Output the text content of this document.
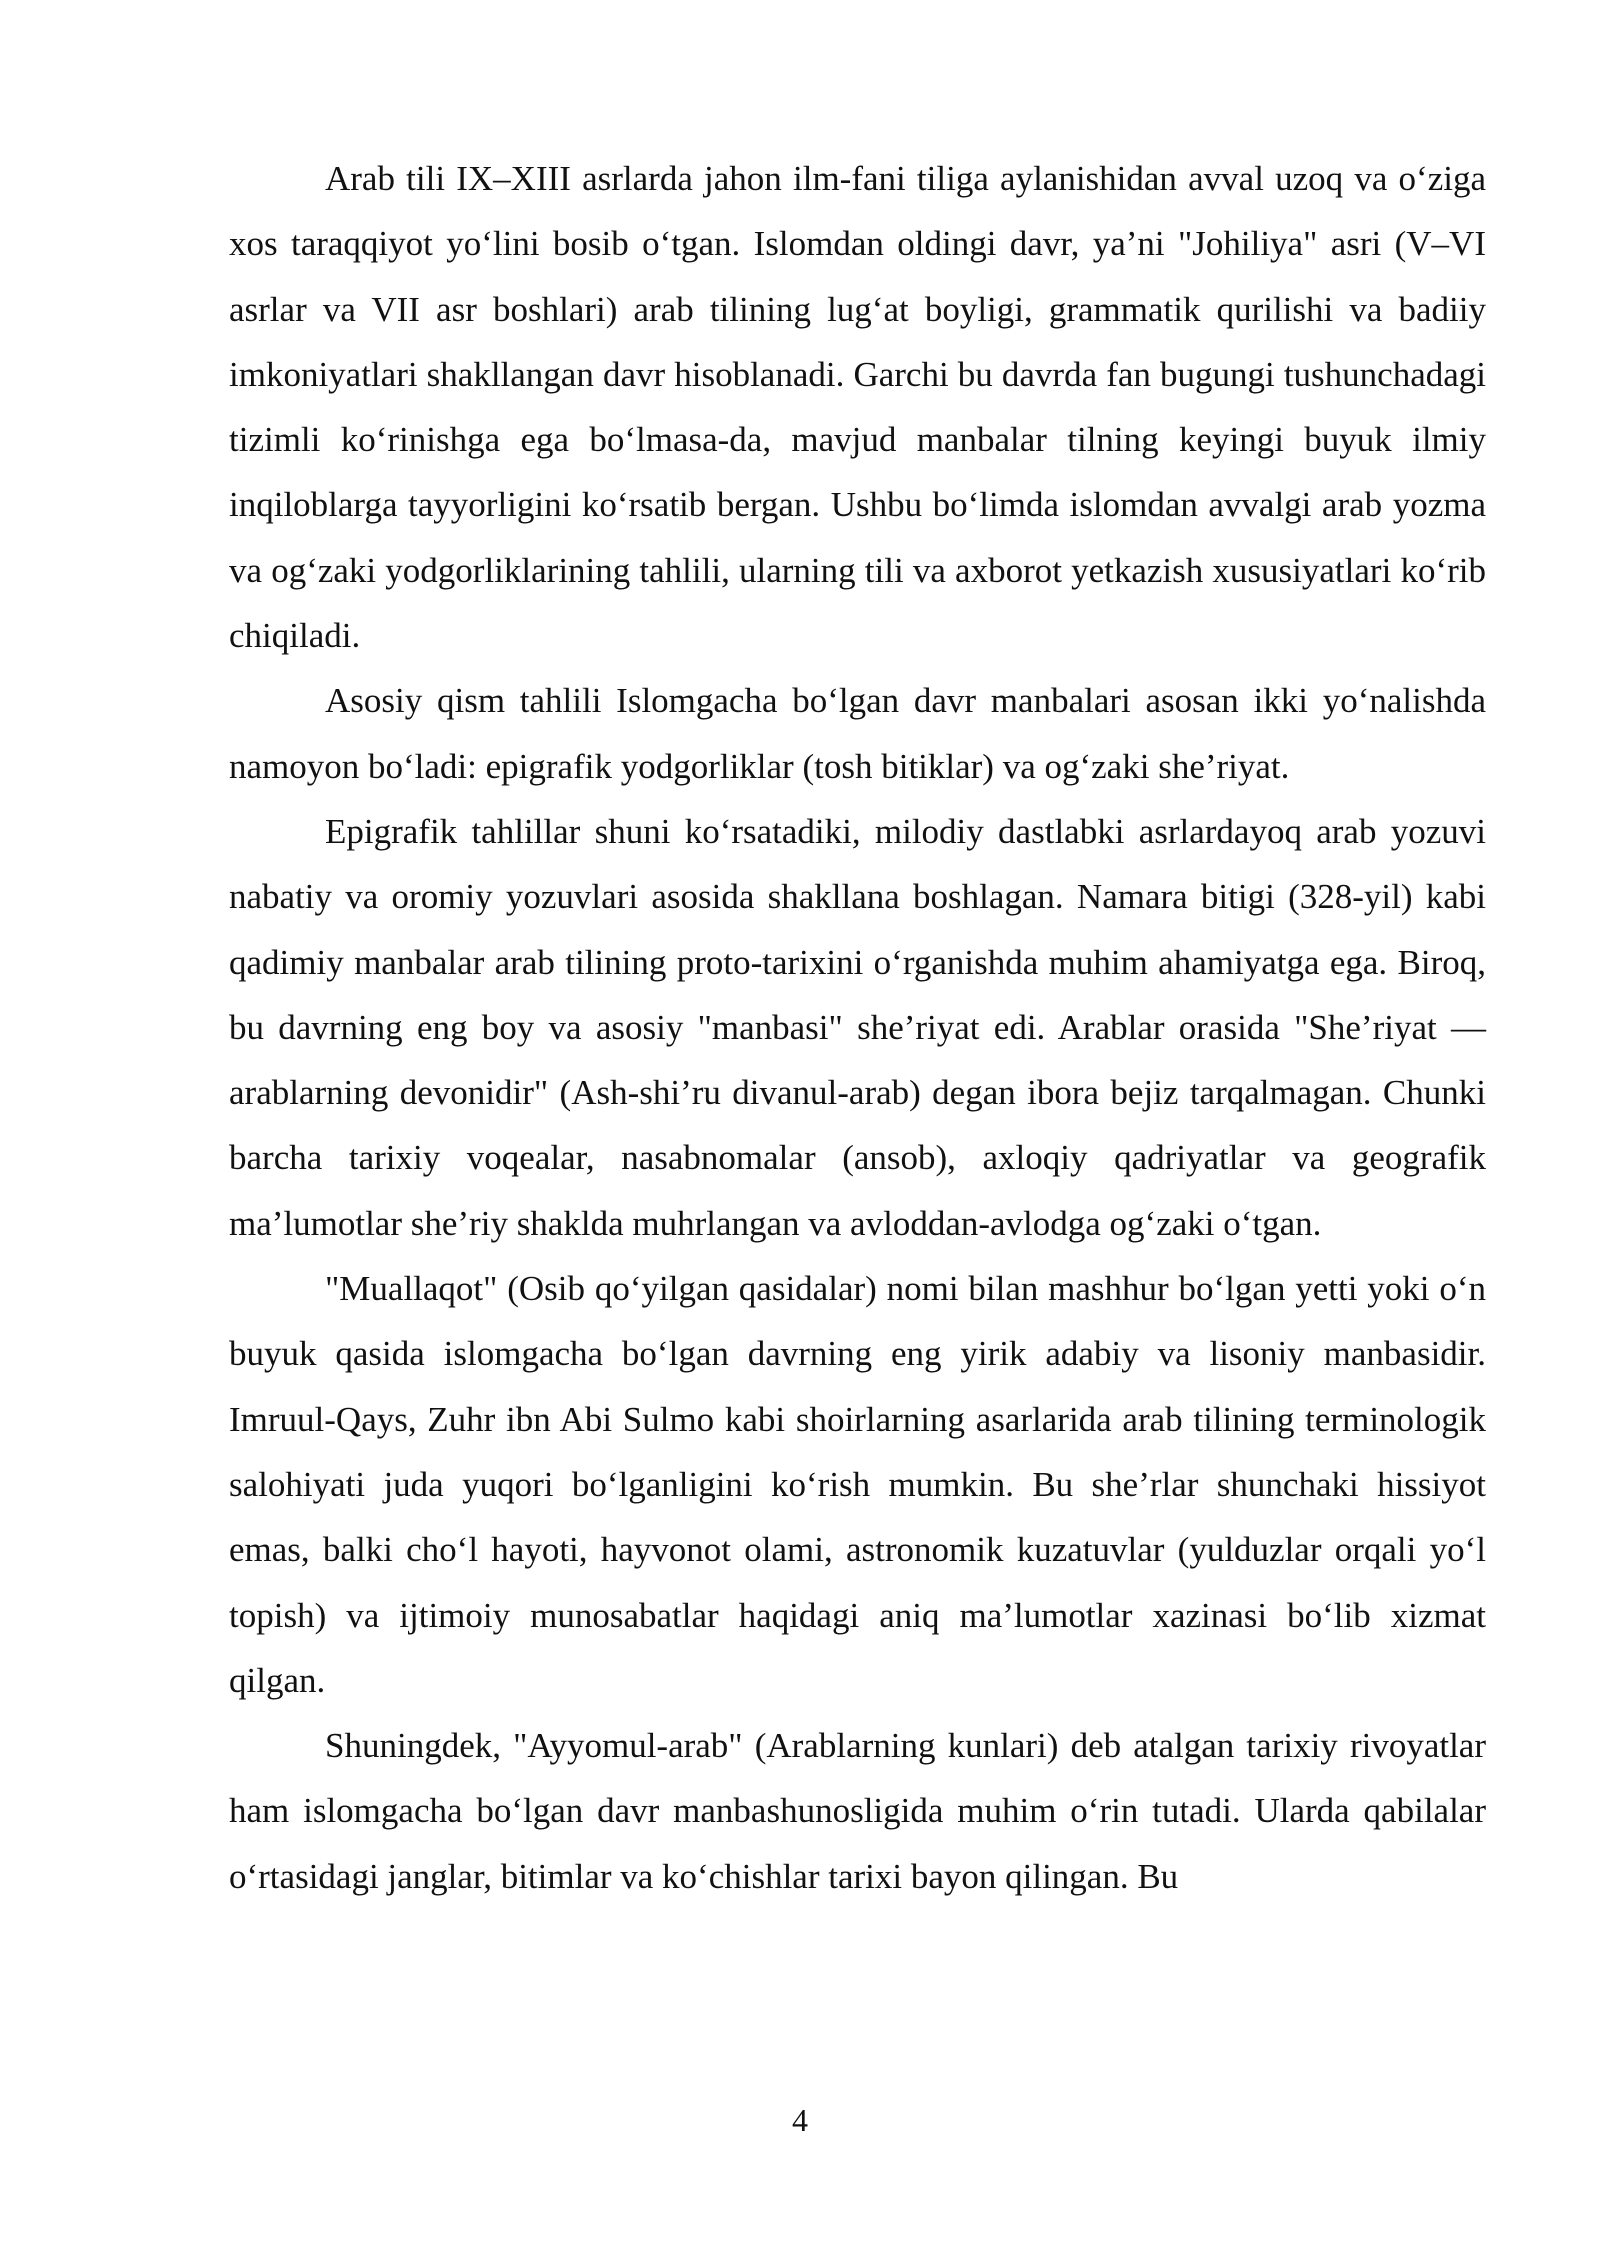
Arab tili IX–XIII asrlarda jahon ilm-fani tiliga aylanishidan avval uzoq va o‘ziga xos taraqqiyot yo‘lini bosib o‘tgan. Islomdan oldingi davr, ya’ni "Johiliya" asri (V–VI asrlar va VII asr boshlari) arab tilining lug‘at boyligi, grammatik qurilishi va badiiy imkoniyatlari shakllangan davr hisoblanadi. Garchi bu davrda fan bugungi tushunchadagi tizimli ko‘rinishga ega bo‘lmasa-da, mavjud manbalar tilning keyingi buyuk ilmiy inqiloblarga tayyorligini ko‘rsatib bergan. Ushbu bo‘limda islomdan avvalgi arab yozma va og‘zaki yodgorliklarining tahlili, ularning tili va axborot yetkazish xususiyatlari ko‘rib chiqiladi.

Asosiy qism tahlili Islomgacha bo‘lgan davr manbalari asosan ikki yo‘nalishda namoyon bo‘ladi: epigrafik yodgorliklar (tosh bitiklar) va og‘zaki she’riyat.

Epigrafik tahlillar shuni ko‘rsatadiki, milodiy dastlabki asrlardayoq arab yozuvi nabatiy va oromiy yozuvlari asosida shakllana boshlagan. Namara bitigi (328-yil) kabi qadimiy manbalar arab tilining proto-tarixini o‘rganishda muhim ahamiyatga ega. Biroq, bu davrning eng boy va asosiy "manbasi" she’riyat edi. Arablar orasida "She’riyat — arablarning devonidir" (Ash-shi’ru divanul-arab) degan ibora bejiz tarqalmagan. Chunki barcha tarixiy voqealar, nasabnomalar (ansob), axloqiy qadriyatlar va geografik ma’lumotlar she’riy shaklda muhrlangan va avloddan-avlodga og‘zaki o‘tgan.

"Muallaqot" (Osib qo‘yilgan qasidalar) nomi bilan mashhur bo‘lgan yetti yoki o‘n buyuk qasida islomgacha bo‘lgan davrning eng yirik adabiy va lisoniy manbasidir. Imruul-Qays, Zuhr ibn Abi Sulmo kabi shoirlarning asarlarida arab tilining terminologik salohiyati juda yuqori bo‘lganligini ko‘rish mumkin. Bu she’rlar shunchaki hissiyot emas, balki cho‘l hayoti, hayvonot olami, astronomik kuzatuvlar (yulduzlar orqali yo‘l topish) va ijtimoiy munosabatlar haqidagi aniq ma’lumotlar xazinasi bo‘lib xizmat qilgan.

Shuningdek, "Ayyomul-arab" (Arablarning kunlari) deb atalgan tarixiy rivoyatlar ham islomgacha bo‘lgan davr manbashunosligida muhim o‘rin tutadi. Ularda qabilalar o‘rtasidagi janglar, bitimlar va ko‘chishlar tarixi bayon qilingan. Bu

4
